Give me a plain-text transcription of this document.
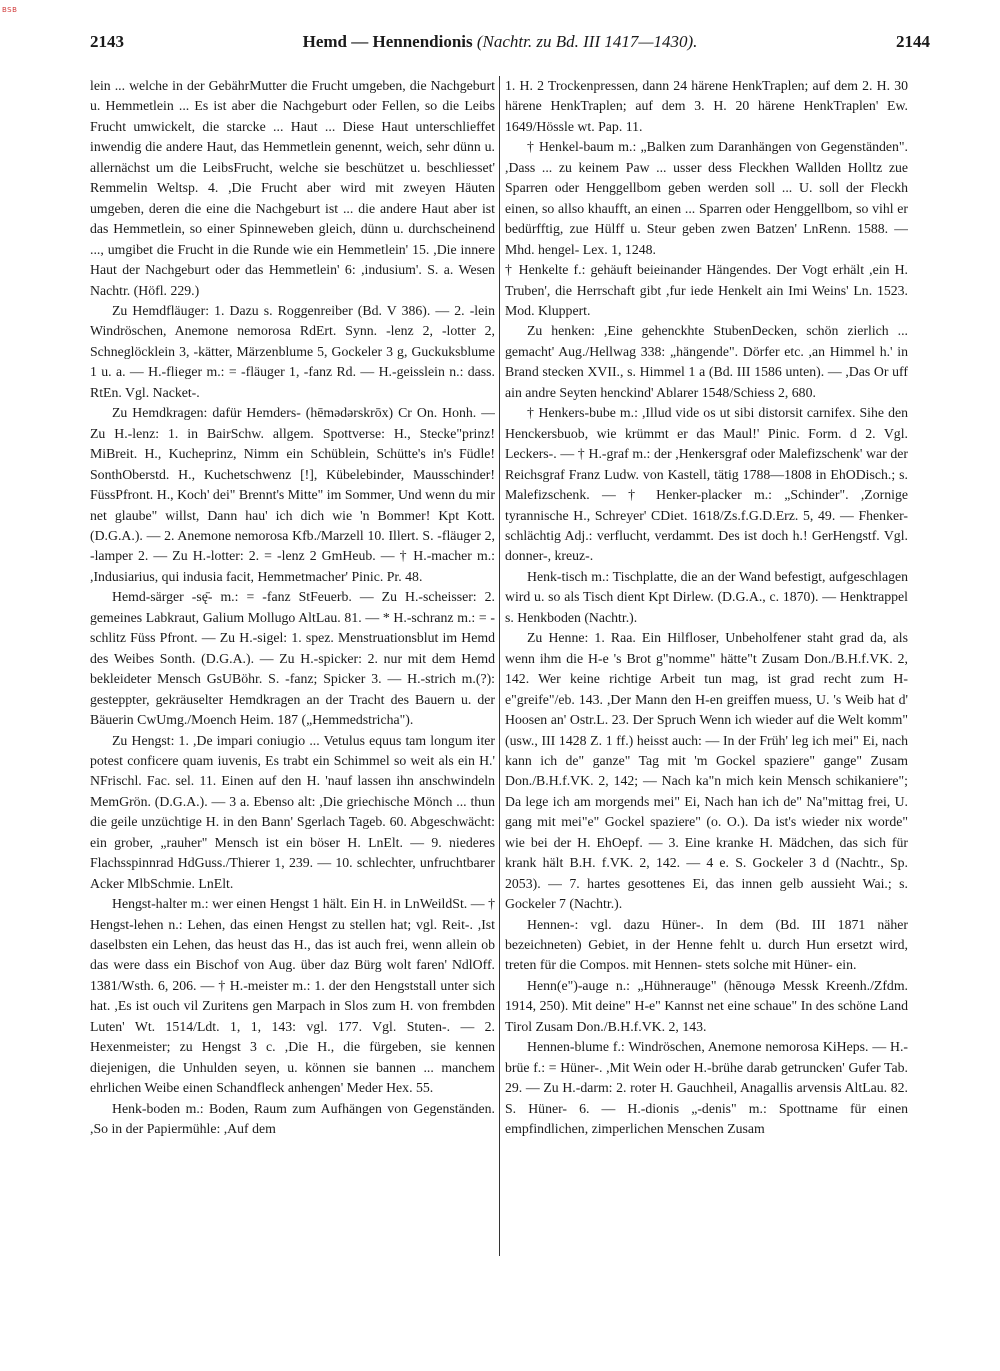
BSB
2143	Hemd — Hennendionis (Nachtr. zu Bd. III 1417—1430).	2144

lein ... welche in der GebährMutter die Frucht umgeben, die Nachgeburt u. Hemmetlein ... Es ist aber die Nachgeburt oder Fellen, so die Leibs Frucht umwickelt, die starcke ... Haut ... Diese Haut unterschlieffet inwendig die andere Haut, das Hemmetlein genennt, weich, sehr dünn u. allernächst um die LeibsFrucht, welche sie beschützet u. beschliesset' Remmelin Weltsp. 4. ,Die Frucht aber wird mit zweyen Häuten umgeben, deren die eine die Nachgeburt ist ... die andere Haut aber ist das Hemmetlein, so einer Spinneweben gleich, dünn u. durchscheinend ..., umgibet die Frucht in die Runde wie ein Hemmetlein' 15. ,Die innere Haut der Nachgeburt oder das Hemmetlein' 6: ,indusium'. S. a. Wesen Nachtr. (Höfl. 229.)

Zu Hemdfläuger: 1. Dazu s. Roggenreiber (Bd. V 386). — 2. -lein Windröschen, Anemone nemorosa RdErt. Synn. -lenz 2, -lotter 2, Schneglöcklein 3, -kätter, Märzenblume 5, Gockeler 3 g, Guckuksblume 1 u. a. — H.-flieger m.: = -fläuger 1, -fanz Rd. — H.-geisslein n.: dass. RtEn. Vgl. Nacket-.

Zu Hemdkragen: dafür Hemders- (hēmədərskrōx) Cr On. Honh. — Zu H.-lenz: 1. in BairSchw. allgem. Spottverse: H., Stecke"prinz! MiBreit. H., Kucheprinz, Nimm ein Schüblein, Schütte's in's Füdle! SonthOberstd. H., Kuchetschwenz [!], Kübelebinder, Mausschinder! FüssPfront. H., Koch' dei" Brennt's Mitte" im Sommer, Und wenn du mir net glaube" willst, Dann hau' ich dich wie 'n Bommer! Kpt Kott. (D.G.A.). — 2. Anemone nemorosa Kfb./Marzell 10. Illert. S. -fläuger 2, -lamper 2. — Zu H.-lotter: 2. = -lenz 2 GmHeub. — † H.-macher m.: ,Indusiarius, qui indusia facit, Hemmetmacher' Pinic. Pr. 48.

Hemd-särger -sę̄- m.: = -fanz StFeuerb. — Zu H.-scheisser: 2. gemeines Labkraut, Galium Mollugo AltLau. 81. — * H.-schranz m.: = -schlitz Füss Pfront. — Zu H.-sigel: 1. spez. Menstruationsblut im Hemd des Weibes Sonth. (D.G.A.). — Zu H.-spicker: 2. nur mit dem Hemd bekleideter Mensch GsUBöhr. S. -fanz; Spicker 3. — H.-strich m.(?): gesteppter, gekräuselter Hemdkragen an der Tracht des Bauern u. der Bäuerin CwUmg./Moench Heim. 187 („Hemmedstricha").

Zu Hengst: 1. ,De impari coniugio ... Vetulus equus tam longum iter potest conficere quam iuvenis, Es trabt ein Schimmel so weit als ein H.' NFrischl. Fac. sel. 11. Einen auf den H. 'nauf lassen ihn anschwindeln MemGrön. (D.G.A.). — 3 a. Ebenso alt: ,Die griechische Mönch ... thun die geile unzüchtige H. in den Bann' Sgerlach Tageb. 60. Abgeschwächt: ein grober, „rauher" Mensch ist ein böser H. LnElt. — 9. niederes Flachsspinnrad HdGuss./Thierer 1, 239. — 10. schlechter, unfruchtbarer Acker MlbSchmie. LnElt.

Hengst-halter m.: wer einen Hengst 1 hält. Ein H. in LnWeildSt. — † Hengst-lehen n.: Lehen, das einen Hengst zu stellen hat; vgl. Reit-. ,Ist daselbsten ein Lehen, das heust das H., das ist auch frei, wenn allein ob das were dass ein Bischof von Aug. über daz Bürg wolt faren' NdlOff. 1381/Wsth. 6, 206. — † H.-meister m.: 1. der den Hengststall unter sich hat. ,Es ist ouch vil Zuritens gen Marpach in Slos zum H. von frembden Luten' Wt. 1514/Ldt. 1, 1, 143: vgl. 177. Vgl. Stuten-. — 2. Hexenmeister; zu Hengst 3 c. ,Die H., die fürgeben, sie kennen diejenigen, die Unhulden seyen, u. können sie bannen ... manchem ehrlichen Weibe einen Schandfleck anhengen' Meder Hex. 55.

Henk-boden m.: Boden, Raum zum Aufhängen von Gegenständen. ,So in der Papiermühle: ,Auf dem

1. H. 2 Trockenpressen, dann 24 härene HenkTraplen; auf dem 2. H. 30 härene HenkTraplen; auf dem 3. H. 20 härene HenkTraplen' Ew. 1649/Hössle wt. Pap. 11.

† Henkel-baum m.: „Balken zum Daranhängen von Gegenständen". ,Dass ... zu keinem Paw ... usser dess Fleckhen Wallden Holltz zue Sparren oder Henggellbom geben werden soll ... U. soll der Fleckh einen, so allso khaufft, an einen ... Sparren oder Henggellbom, so vihl er bedürfftig, zue Hülff u. Steur geben zwen Batzen' LnRenn. 1588. — Mhd. hengel- Lex. 1, 1248.

† Henkelte f.: gehäuft beieinander Hängendes. Der Vogt erhält ,ein H. Truben', die Herrschaft gibt ,fur iede Henkelt ain Imi Weins' Ln. 1523. Mod. Kluppert.

Zu henken: ,Eine gehenckhte StubenDecken, schön zierlich ... gemacht' Aug./Hellwag 338: „hängende". Dörfer etc. ,an Himmel h.' in Brand stecken XVII., s. Himmel 1 a (Bd. III 1586 unten). — ,Das Or uff ain andre Seyten henckind' Ablarer 1548/Schiess 2, 680.

† Henkers-bube m.: ,Illud vide os ut sibi distorsit carnifex. Sihe den Henckersbuob, wie krümmt er das Maul!' Pinic. Form. d 2. Vgl. Leckers-. — † H.-graf m.: der ,Henkersgraf oder Malefizschenk' war der Reichsgraf Franz Ludw. von Kastell, tätig 1788—1808 in EhODisch.; s. Malefizschenk. — † Henker-placker m.: „Schinder". ,Zornige tyrannische H., Schreyer' CDiet. 1618/Zs.f.G.D.Erz. 5, 49. — Fhenker-schlächtig Adj.: verflucht, verdammt. Des ist doch h.! GerHengstf. Vgl. donner-, kreuz-.

Henk-tisch m.: Tischplatte, die an der Wand befestigt, aufgeschlagen wird u. so als Tisch dient Kpt Dirlew. (D.G.A., c. 1870). — Henktrappel s. Henkboden (Nachtr.).

Zu Henne: 1. Raa. Ein Hilfloser, Unbeholfener staht grad da, als wenn ihm die H-e 's Brot g"nomme" hätte"t Zusam Don./B.H.f.VK. 2, 142. Wer keine richtige Arbeit tun mag, ist grad recht zum H-e"greife"/eb. 143. ,Der Mann den H-en greiffen muess, U. 's Weib hat d' Hoosen an' Ostr.L. 23. Der Spruch Wenn ich wieder auf die Welt komm" (usw., III 1428 Z. 1 ff.) heisst auch: — In der Früh' leg ich mei" Ei, nach kann ich de" ganze" Tag mit 'm Gockel spaziere" gange" Zusam Don./B.H.f.VK. 2, 142; — Nach ka"n mich kein Mensch schikaniere"; Da lege ich am morgends mei" Ei, Nach han ich de" Na"mittag frei, U. gang mit mei"e" Gockel spaziere" (o. O.). Da ist's wieder nix worde" wie bei der H. EhOepf. — 3. Eine kranke H. Mädchen, das sich für krank hält B.H. f.VK. 2, 142. — 4 e. S. Gockeler 3 d (Nachtr., Sp. 2053). — 7. hartes gesottenes Ei, das innen gelb aussieht Wai.; s. Gockeler 7 (Nachtr.).

Hennen-: vgl. dazu Hüner-. In dem (Bd. III 1871 näher bezeichneten) Gebiet, in der Henne fehlt u. durch Hun ersetzt wird, treten für die Compos. mit Hennen- stets solche mit Hüner- ein.

Henn(e")-auge n.: „Hühnerauge" (hēnougə Messk Kreenh./Zfdm. 1914, 250). Mit deine" H-e" Kannst net eine schaue" In des schöne Land Tirol Zusam Don./B.H.f.VK. 2, 143.

Hennen-blume f.: Windröschen, Anemone nemorosa KiHeps. — H.-brüe f.: = Hüner-. ,Mit Wein oder H.-brühe darab getruncken' Gufer Tab. 29. — Zu H.-darm: 2. roter H. Gauchheil, Anagallis arvensis AltLau. 82. S. Hüner- 6. — H.-dionis „-denis" m.: Spottname für einen empfindlichen, zimperlichen Menschen Zusam
